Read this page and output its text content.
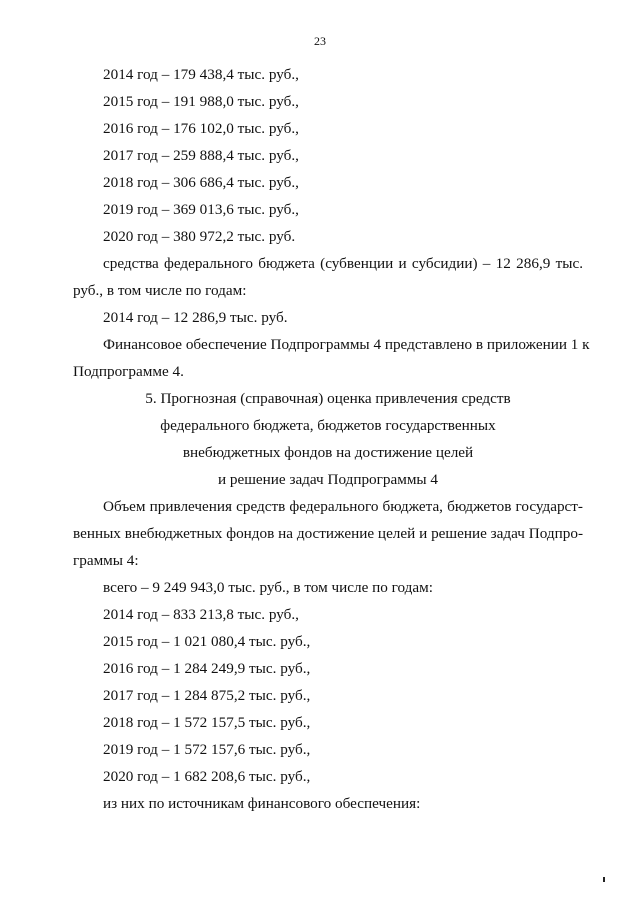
23
2014 год – 179 438,4 тыс. руб.,
2015 год – 191 988,0 тыс. руб.,
2016 год – 176 102,0 тыс. руб.,
2017 год – 259 888,4 тыс. руб.,
2018 год – 306 686,4 тыс. руб.,
2019 год – 369 013,6 тыс. руб.,
2020 год – 380 972,2 тыс. руб.
средства федерального бюджета (субвенции и субсидии) – 12 286,9 тыс.
руб., в том числе по годам:
2014 год – 12 286,9 тыс. руб.
Финансовое обеспечение Подпрограммы 4 представлено в приложении 1 к
Подпрограмме 4.
5. Прогнозная (справочная) оценка привлечения средств
федерального бюджета, бюджетов государственных
внебюджетных фондов на достижение целей
и решение задач Подпрограммы 4
Объем привлечения средств федерального бюджета, бюджетов государст-
венных внебюджетных фондов на достижение целей и решение задач Подпро-
граммы 4:
всего – 9 249 943,0 тыс. руб., в том числе по годам:
2014 год – 833 213,8 тыс. руб.,
2015 год – 1 021 080,4 тыс. руб.,
2016 год – 1 284 249,9 тыс. руб.,
2017 год – 1 284 875,2 тыс. руб.,
2018 год – 1 572 157,5 тыс. руб.,
2019 год – 1 572 157,6 тыс. руб.,
2020 год – 1 682 208,6 тыс. руб.,
из них по источникам финансового обеспечения:
